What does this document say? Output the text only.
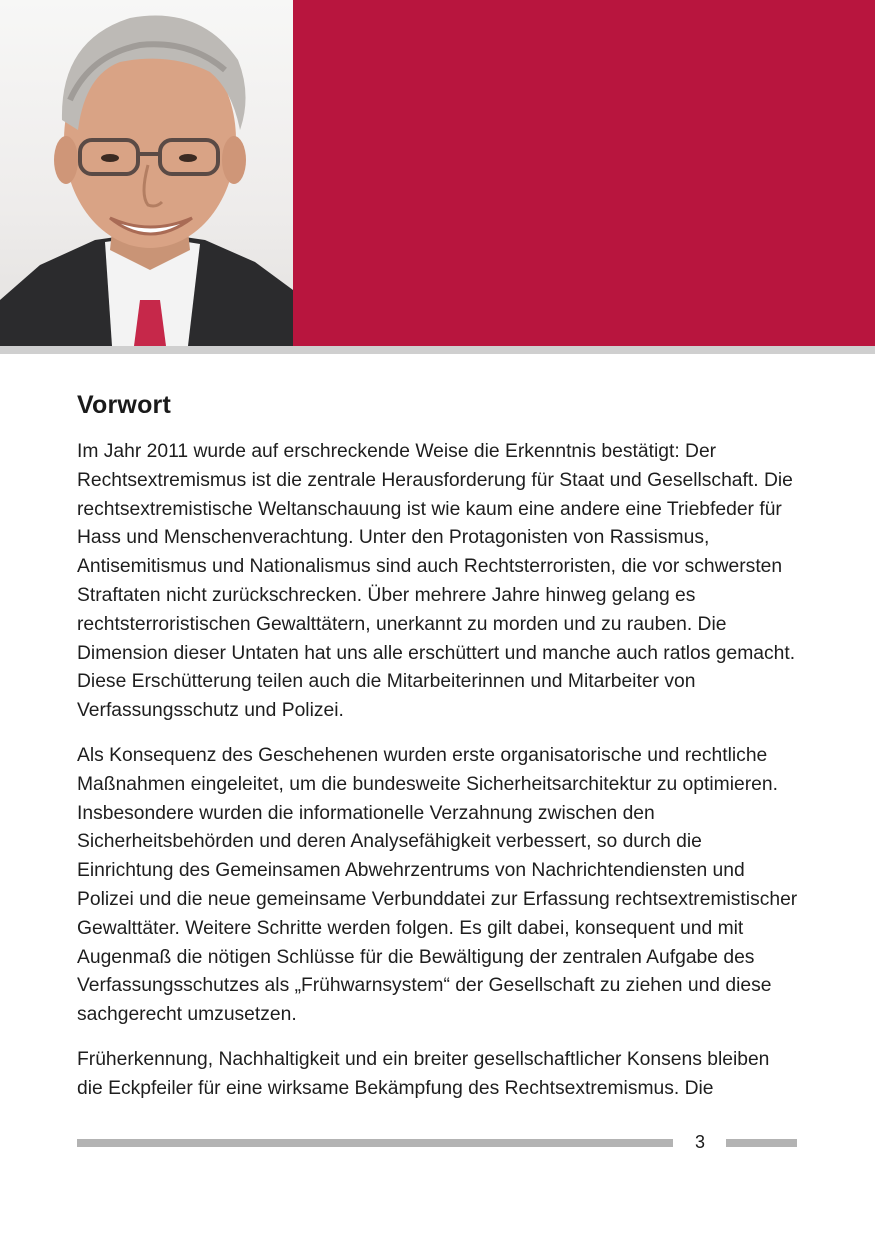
Vorwort

Im Jahr 2011 wurde auf erschreckende Weise die Erkenntnis bestätigt: Der Rechtsextremismus ist die zentrale Herausforderung für Staat und Gesellschaft. Die rechtsextremistische Weltanschauung ist wie kaum eine andere eine Triebfeder für Hass und Menschenverachtung. Unter den Protagonisten von Rassismus, Antisemitismus und Nationalismus sind auch Rechtsterroristen, die vor schwersten Straftaten nicht zurückschrecken. Über mehrere Jahre hinweg gelang es rechtsterroristischen Gewalttätern, unerkannt zu morden und zu rauben. Die Dimension dieser Untaten hat uns alle erschüttert und manche auch ratlos gemacht. Diese Erschütterung teilen auch die Mitarbeiterinnen und Mitarbeiter von Verfassungsschutz und Polizei.

Als Konsequenz des Geschehenen wurden erste organisatorische und rechtliche Maßnahmen eingeleitet, um die bundesweite Sicherheitsarchitektur zu optimieren. Insbesondere wurden die informationelle Verzahnung zwischen den Sicherheitsbehörden und deren Analysefähigkeit verbessert, so durch die Einrichtung des Gemeinsamen Abwehrzentrums von Nachrichtendiensten und Polizei und die neue gemeinsame Verbunddatei zur Erfassung rechtsextremistischer Gewalttäter. Weitere Schritte werden folgen. Es gilt dabei, konsequent und mit Augenmaß die nötigen Schlüsse für die Bewältigung der zentralen Aufgabe des Verfassungsschutzes als „Frühwarnsystem“ der Gesellschaft zu ziehen und diese sachgerecht umzusetzen.

Früherkennung, Nachhaltigkeit und ein breiter gesellschaftlicher Konsens bleiben die Eckpfeiler für eine wirksame Bekämpfung des Rechtsextremismus. Die

3
